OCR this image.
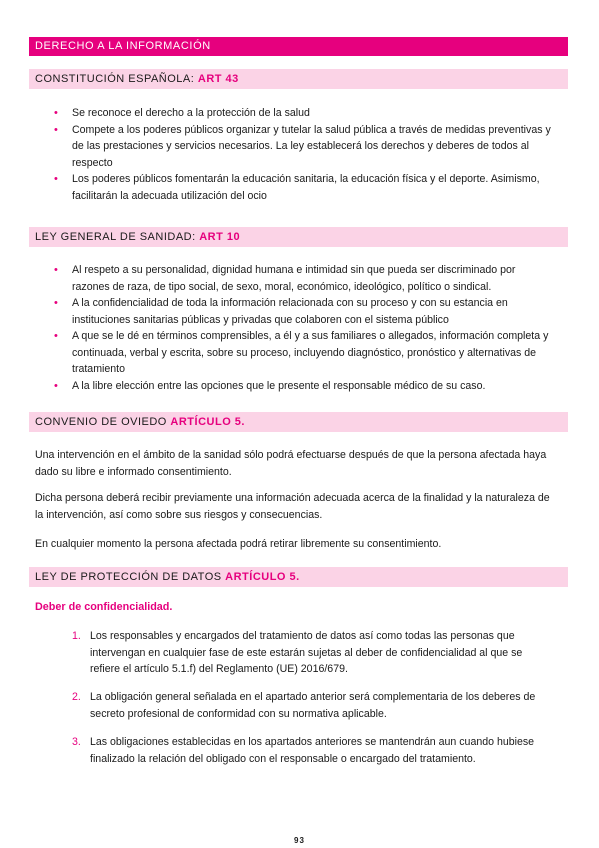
DERECHO A LA INFORMACIÓN
CONSTITUCIÓN ESPAÑOLA: ART 43
• Se reconoce el derecho a la protección de la salud
• Compete a los poderes públicos organizar y tutelar la salud pública a través de medidas preventivas y de las prestaciones y servicios necesarios. La ley establecerá los derechos y deberes de todos al respecto
• Los poderes públicos fomentarán la educación sanitaria, la educación física y el deporte. Asimismo, facilitarán la adecuada utilización del ocio
LEY GENERAL DE SANIDAD: ART 10
• Al respeto a su personalidad, dignidad humana e intimidad sin que pueda ser discriminado por razones de raza, de tipo social, de sexo, moral, económico, ideológico, político o sindical.
• A la confidencialidad de toda la información relacionada con su proceso y con su estancia en instituciones sanitarias públicas y privadas que colaboren con el sistema público
• A que se le dé en términos comprensibles, a él y a sus familiares o allegados, información completa y continuada, verbal y escrita, sobre su proceso, incluyendo diagnóstico, pronóstico y alternativas de tratamiento
• A la libre elección entre las opciones que le presente el responsable médico de su caso.
CONVENIO DE OVIEDO ARTÍCULO 5.

Una intervención en el ámbito de la sanidad sólo podrá efectuarse después de que la persona afectada haya dado su libre e informado consentimiento.

Dicha persona deberá recibir previamente una información adecuada acerca de la finalidad y la naturaleza de la intervención, así como sobre sus riesgos y consecuencias.

En cualquier momento la persona afectada podrá retirar libremente su consentimiento.

LEY DE PROTECCIÓN DE DATOS ARTÍCULO 5.
Deber de confidencialidad.
1. Los responsables y encargados del tratamiento de datos así como todas las personas que intervengan en cualquier fase de este estarán sujetas al deber de confidencialidad al que se refiere el artículo 5.1.f) del Reglamento (UE) 2016/679.
2. La obligación general señalada en el apartado anterior será complementaria de los deberes de secreto profesional de conformidad con su normativa aplicable.
3. Las obligaciones establecidas en los apartados anteriores se mantendrán aun cuando hubiese finalizado la relación del obligado con el responsable o encargado del tratamiento.
93
